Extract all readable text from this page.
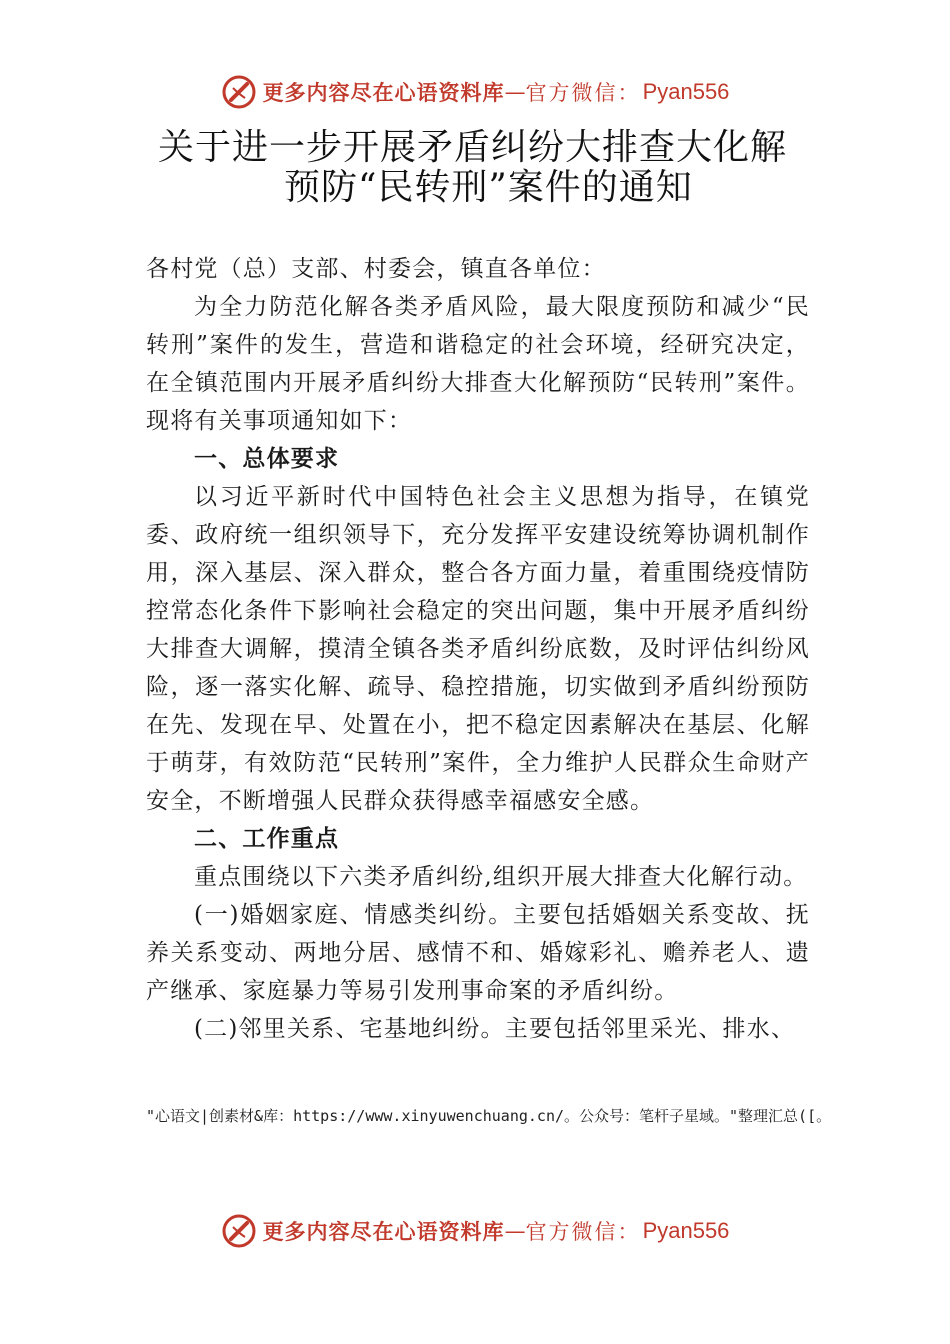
更多内容尽在心语资料库 — 官方微信： Pyan556
关于进一步开展矛盾纠纷大排查大化解
预防“民转刑”案件的通知

各村党（总）支部、村委会，镇直各单位：

为全力防范化解各类矛盾风险，最大限度预防和减少“民转刑”案件的发生，营造和谐稳定的社会环境，经研究决定，在全镇范围内开展矛盾纠纷大排查大化解预防“民转刑”案件。现将有关事项通知如下：

一、总体要求

以习近平新时代中国特色社会主义思想为指导，在镇党委、政府统一组织领导下，充分发挥平安建设统筹协调机制作用，深入基层、深入群众，整合各方面力量，着重围绕疫情防控常态化条件下影响社会稳定的突出问题，集中开展矛盾纠纷大排查大调解，摸清全镇各类矛盾纠纷底数，及时评估纠纷风险，逐一落实化解、疏导、稳控措施，切实做到矛盾纠纷预防在先、发现在早、处置在小，把不稳定因素解决在基层、化解于萌芽，有效防范“民转刑”案件，全力维护人民群众生命财产安全，不断增强人民群众获得感幸福感安全感。

二、工作重点

重点围绕以下六类矛盾纠纷,组织开展大排查大化解行动。

(一)婚姻家庭、情感类纠纷。主要包括婚姻关系变故、抚 养关系变动、两地分居、感情不和、婚嫁彩礼、赡养老人、遗 产继承、家庭暴力等易引发刑事命案的矛盾纠纷。

(二)邻里关系、宅基地纠纷。主要包括邻里采光、排水、

"心语文|创素材&库：https://www.xinyuwenchuang.cn/。公众号：笔杆子星域。"整理汇总([。
更多内容尽在心语资料库 — 官方微信： Pyan556
